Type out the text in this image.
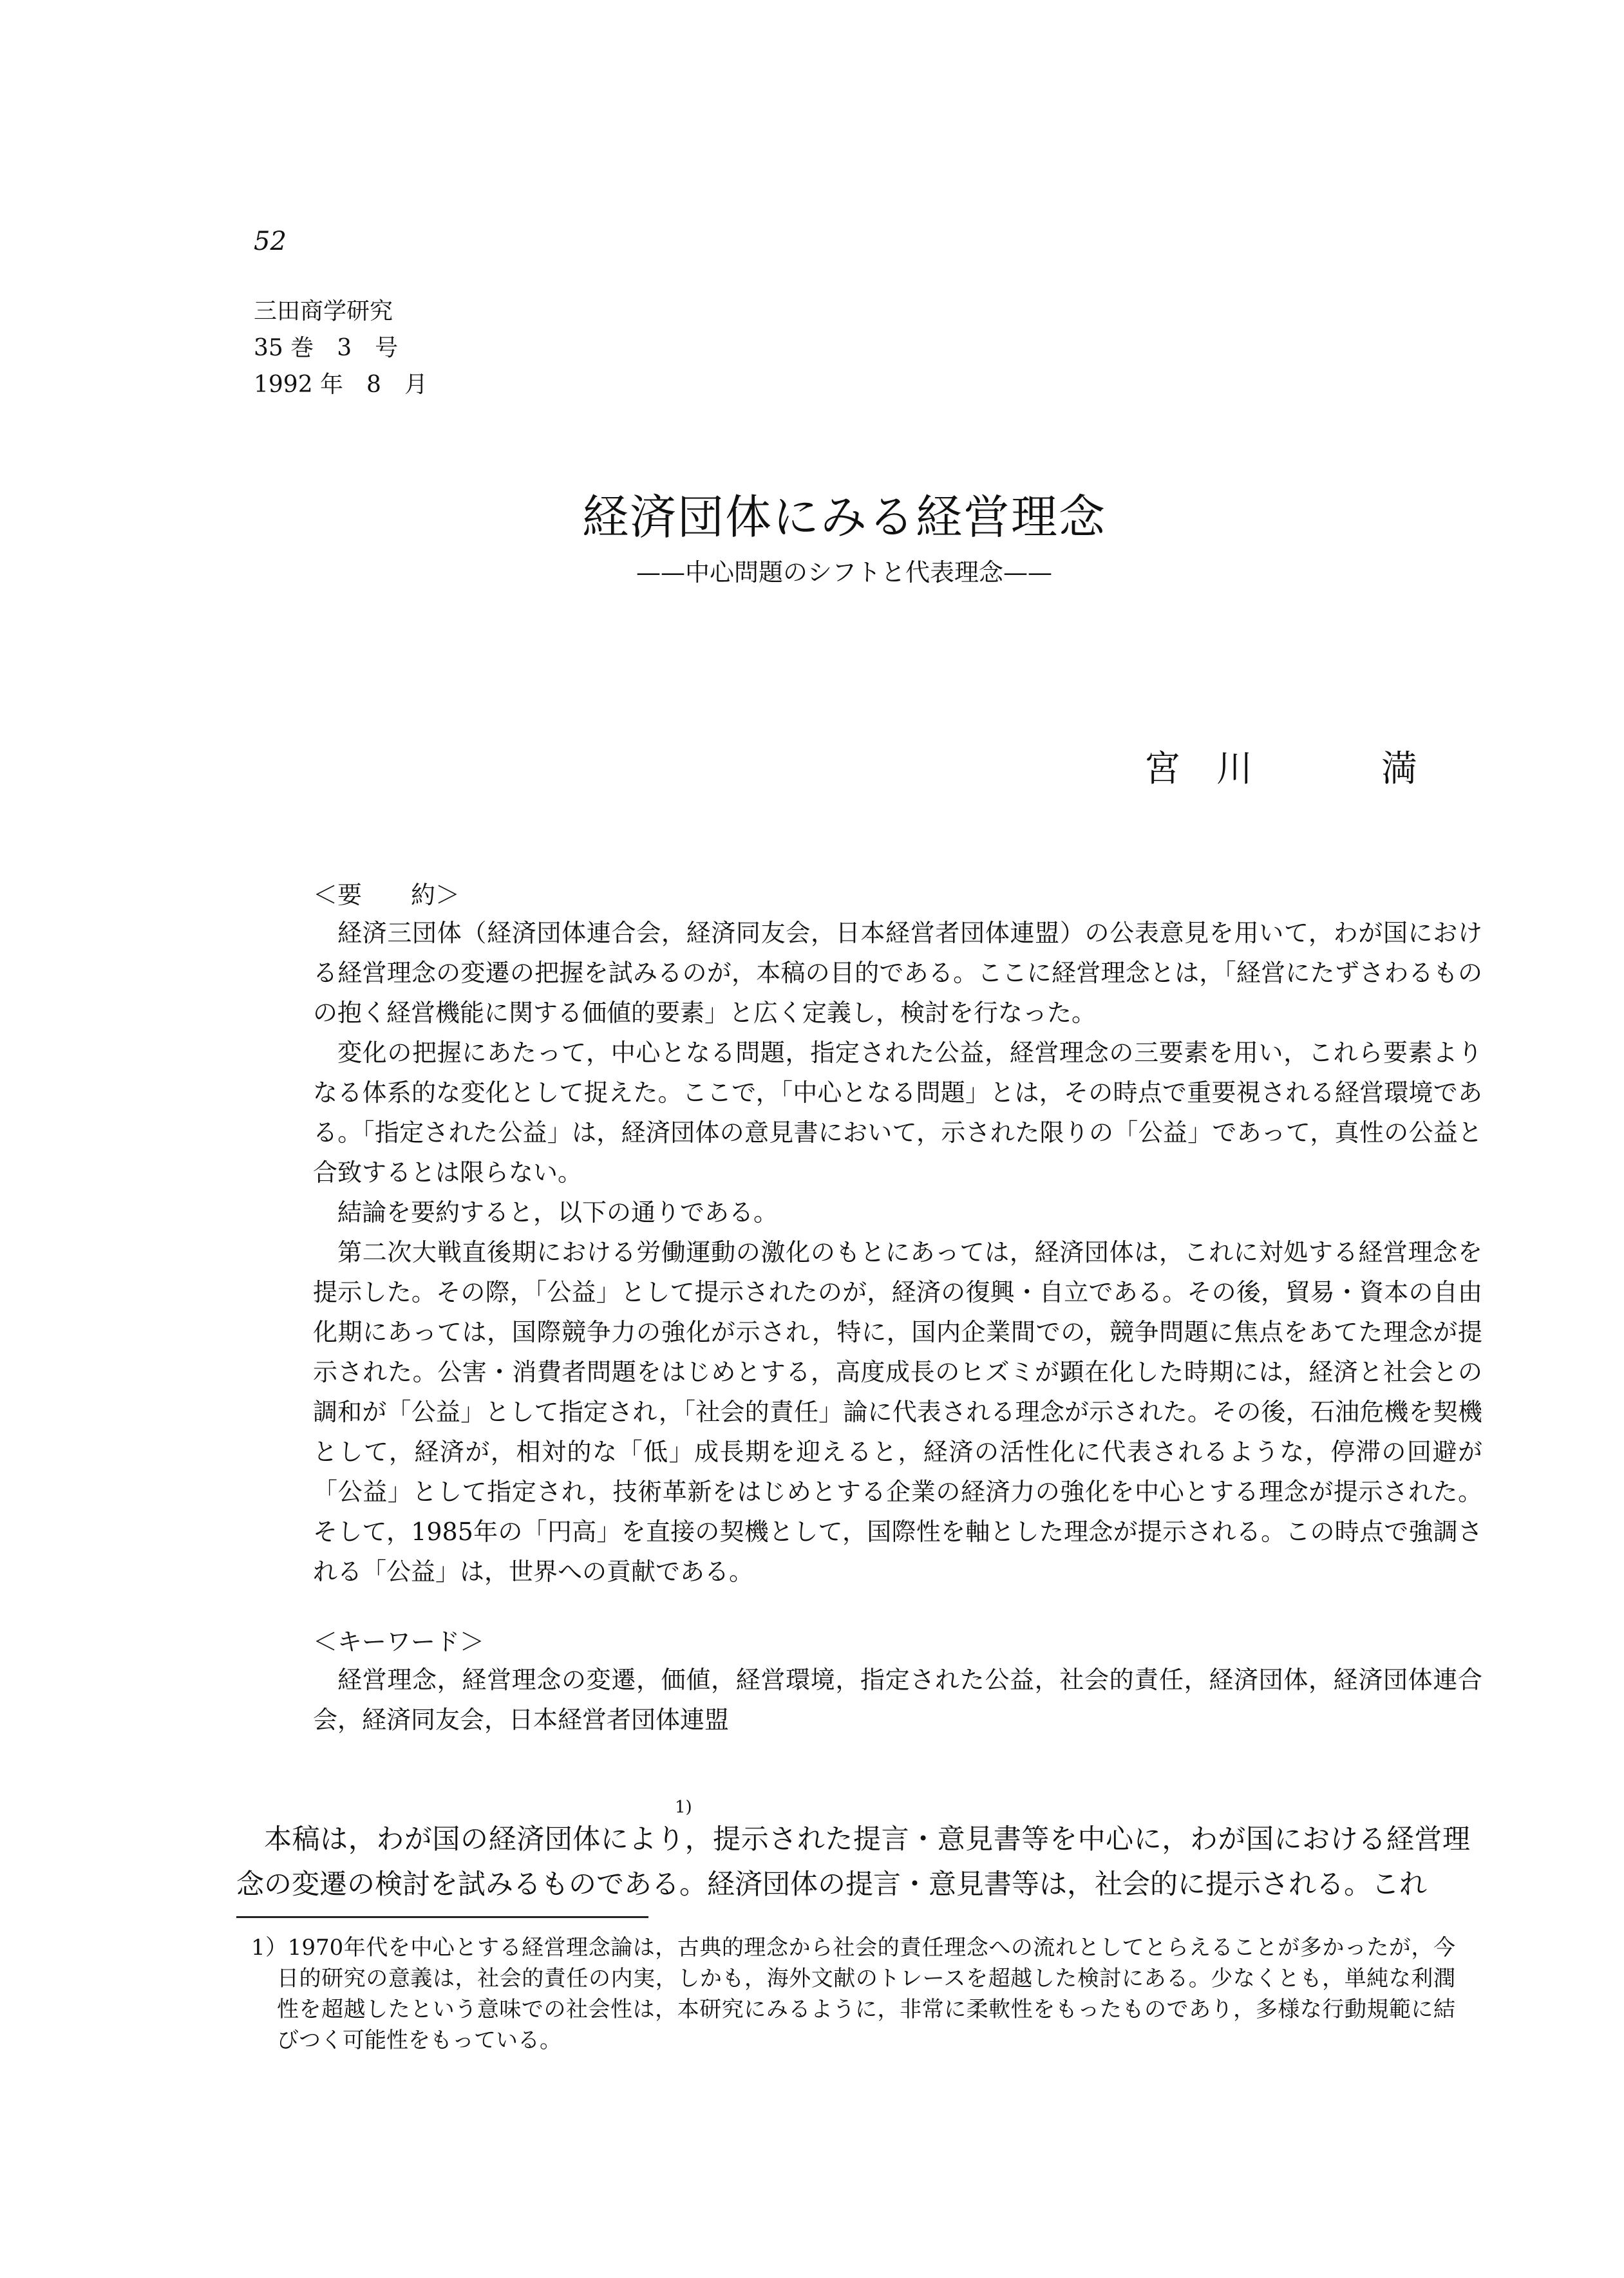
52
三田商学研究
35 巻　3　号
1992 年　8　月
経済団体にみる経営理念
——中心問題のシフトと代表理念——
宮　川	満
＜要　　約＞

経済三団体（経済団体連合会，経済同友会，日本経営者団体連盟）の公表意見を用いて，わが国における経営理念の変遷の把握を試みるのが，本稿の目的である。ここに経営理念とは，「経営にたずさわるものの抱く経営機能に関する価値的要素」と広く定義し，検討を行なった。

変化の把握にあたって，中心となる問題，指定された公益，経営理念の三要素を用い，これら要素よりなる体系的な変化として捉えた。ここで，「中心となる問題」とは，その時点で重要視される経営環境である。「指定された公益」は，経済団体の意見書において，示された限りの「公益」であって，真性の公益と合致するとは限らない。

結論を要約すると，以下の通りである。

第二次大戦直後期における労働運動の激化のもとにあっては，経済団体は，これに対処する経営理念を提示した。その際，「公益」として提示されたのが，経済の復興・自立である。その後，貿易・資本の自由化期にあっては，国際競争力の強化が示され，特に，国内企業間での，競争問題に焦点をあてた理念が提示された。公害・消費者問題をはじめとする，高度成長のヒズミが顕在化した時期には，経済と社会との調和が「公益」として指定され，「社会的責任」論に代表される理念が示された。その後，石油危機を契機として，経済が，相対的な「低」成長期を迎えると，経済の活性化に代表されるような，停滞の回避が「公益」として指定され，技術革新をはじめとする企業の経済力の強化を中心とする理念が提示された。そして，1985年の「円高」を直接の契機として，国際性を軸とした理念が提示される。この時点で強調される「公益」は，世界への貢献である。

＜キーワード＞

経営理念，経営理念の変遷，価値，経営環境，指定された公益，社会的責任，経済団体，経済団体連合会，経済同友会，日本経営者団体連盟

1)

本稿は，わが国の経済団体により，提示された提言・意見書等を中心に，わが国における経営理念の変遷の検討を試みるものである。経済団体の提言・意見書等は，社会的に提示される。これ

1）1970年代を中心とする経営理念論は，古典的理念から社会的責任理念への流れとしてとらえることが多かったが，今日的研究の意義は，社会的責任の内実，しかも，海外文献のトレースを超越した検討にある。少なくとも，単純な利潤性を超越したという意味での社会性は，本研究にみるように，非常に柔軟性をもったものであり，多様な行動規範に結びつく可能性をもっている。
